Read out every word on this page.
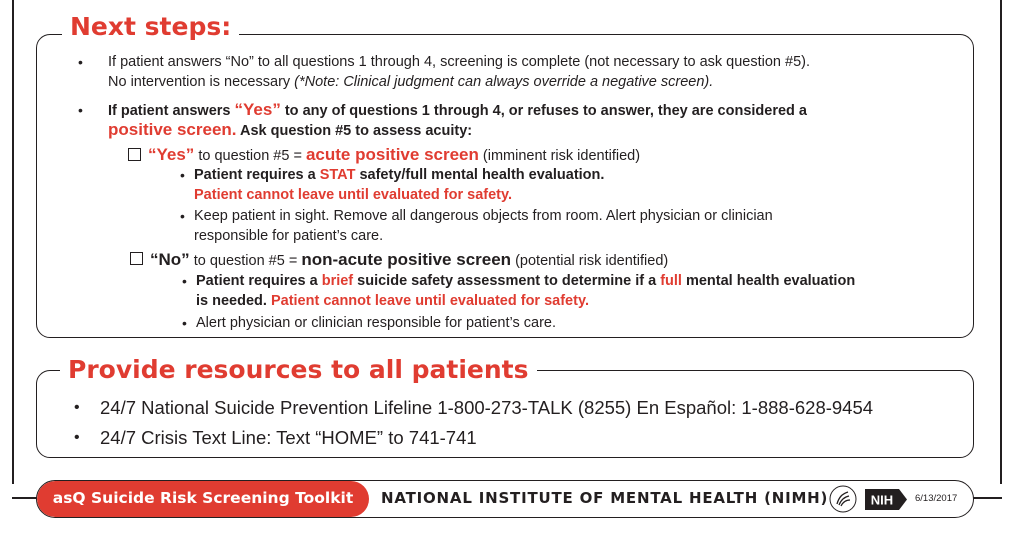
Next steps:
• If patient answers “No” to all questions 1 through 4, screening is complete (not necessary to ask question #5).
No intervention is necessary (*Note: Clinical judgment can always override a negative screen).
• If patient answers “Yes” to any of questions 1 through 4, or refuses to answer, they are considered a
positive screen. Ask question #5 to assess acuity:
“Yes” to question #5 = acute positive screen (imminent risk identified)
• Patient requires a STAT safety/full mental health evaluation.
Patient cannot leave until evaluated for safety.
• Keep patient in sight. Remove all dangerous objects from room. Alert physician or clinician
responsible for patient’s care.
“No” to question #5 = non-acute positive screen (potential risk identified)
• Patient requires a brief suicide safety assessment to determine if a full mental health evaluation
is needed. Patient cannot leave until evaluated for safety.
• Alert physician or clinician responsible for patient’s care.
Provide resources to all patients
• 24/7 National Suicide Prevention Lifeline 1-800-273-TALK (8255) En Español: 1-888-628-9454
• 24/7 Crisis Text Line: Text “HOME” to 741-741
asQ Suicide Risk Screening Toolkit	NATIONAL INSTITUTE OF MENTAL HEALTH (NIMH)	NIH 6/13/2017
